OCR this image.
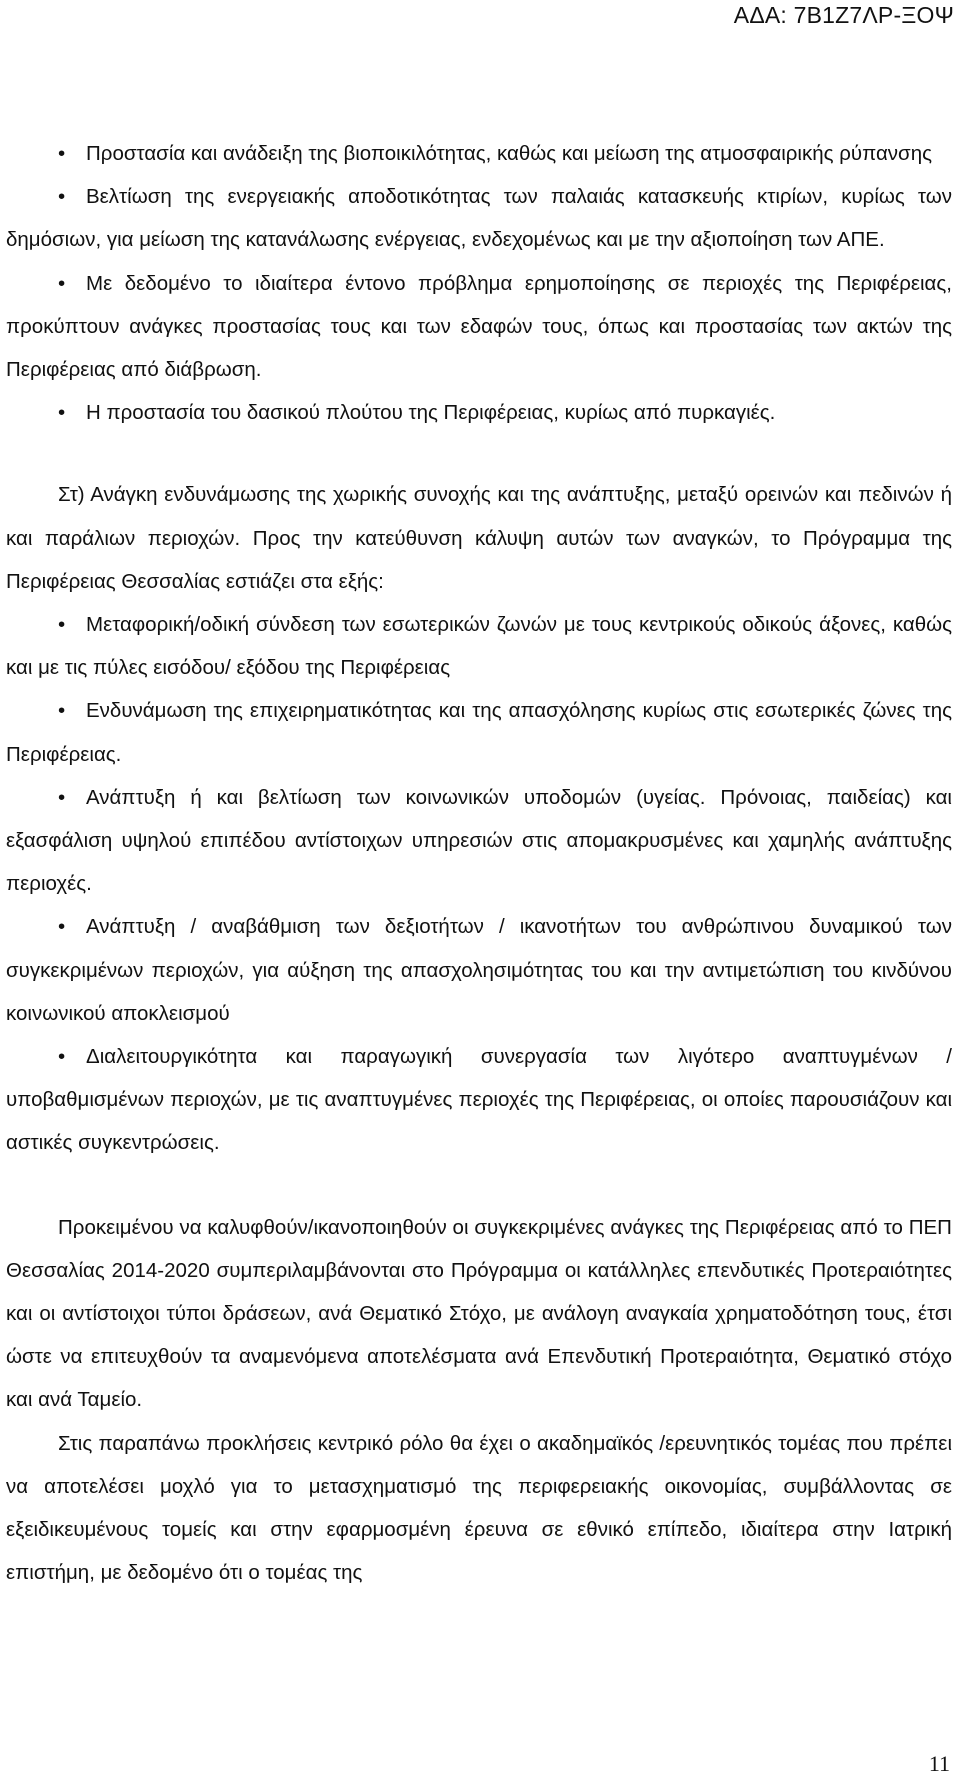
ΑΔΑ: 7Β1Ζ7ΛΡ-ΞΟΨ

• Προστασία και ανάδειξη της βιοποικιλότητας, καθώς και μείωση της ατμοσφαιρικής ρύπανσης

• Βελτίωση της ενεργειακής αποδοτικότητας των παλαιάς κατασκευής κτιρίων, κυρίως των δημόσιων, για μείωση της κατανάλωσης ενέργειας, ενδεχομένως και με την αξιοποίηση των ΑΠΕ.

• Με δεδομένο το ιδιαίτερα έντονο πρόβλημα ερημοποίησης σε περιοχές της Περιφέρειας, προκύπτουν ανάγκες προστασίας τους και των εδαφών τους, όπως και προστασίας των ακτών της Περιφέρειας από διάβρωση.

• Η προστασία του δασικού πλούτου της Περιφέρειας, κυρίως από πυρκαγιές.

Στ) Ανάγκη ενδυνάμωσης της χωρικής συνοχής και της ανάπτυξης, μεταξύ ορεινών και πεδινών ή και παράλιων περιοχών. Προς την κατεύθυνση κάλυψη αυτών των αναγκών, το Πρόγραμμα της Περιφέρειας Θεσσαλίας εστιάζει στα εξής:

• Μεταφορική/οδική σύνδεση των εσωτερικών ζωνών με τους κεντρικούς οδικούς άξονες, καθώς και με τις πύλες εισόδου/ εξόδου της Περιφέρειας

• Ενδυνάμωση της επιχειρηματικότητας και της απασχόλησης κυρίως στις εσωτερικές ζώνες της Περιφέρειας.

• Ανάπτυξη ή και βελτίωση των κοινωνικών υποδομών (υγείας. Πρόνοιας, παιδείας) και εξασφάλιση υψηλού επιπέδου αντίστοιχων υπηρεσιών στις απομακρυσμένες και χαμηλής ανάπτυξης περιοχές.

• Ανάπτυξη / αναβάθμιση των δεξιοτήτων / ικανοτήτων του ανθρώπινου δυναμικού των συγκεκριμένων περιοχών, για αύξηση της απασχολησιμότητας του και την αντιμετώπιση του κινδύνου κοινωνικού αποκλεισμού

• Διαλειτουργικότητα και παραγωγική συνεργασία των λιγότερο αναπτυγμένων / υποβαθμισμένων περιοχών, με τις αναπτυγμένες περιοχές της Περιφέρειας, οι οποίες παρουσιάζουν και αστικές συγκεντρώσεις.

Προκειμένου να καλυφθούν/ικανοποιηθούν οι συγκεκριμένες ανάγκες της Περιφέρειας από το ΠΕΠ Θεσσαλίας 2014-2020 συμπεριλαμβάνονται στο Πρόγραμμα οι κατάλληλες επενδυτικές Προτεραιότητες και οι αντίστοιχοι τύποι δράσεων, ανά Θεματικό Στόχο, με ανάλογη αναγκαία χρηματοδότηση τους, έτσι ώστε να επιτευχθούν τα αναμενόμενα αποτελέσματα ανά Επενδυτική Προτεραιότητα, Θεματικό στόχο και ανά Ταμείο.

Στις παραπάνω προκλήσεις κεντρικό ρόλο θα έχει ο ακαδημαϊκός /ερευνητικός τομέας που πρέπει να αποτελέσει μοχλό για το μετασχηματισμό της περιφερειακής οικονομίας, συμβάλλοντας σε εξειδικευμένους τομείς και στην εφαρμοσμένη έρευνα σε εθνικό επίπεδο, ιδιαίτερα στην Ιατρική επιστήμη, με δεδομένο ότι ο τομέας της

11
